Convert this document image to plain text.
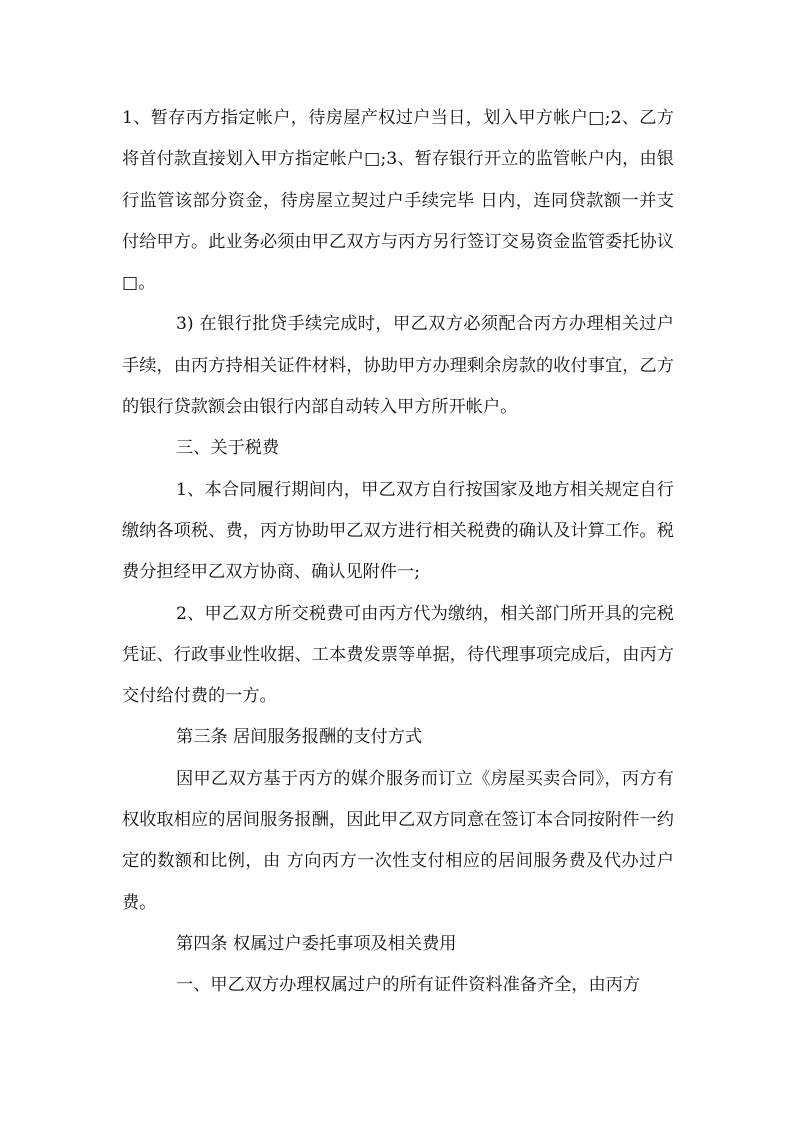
1、暂存丙方指定帐户，待房屋产权过户当日，划入甲方帐户□;2、乙方将首付款直接划入甲方指定帐户□;3、暂存银行开立的监管帐户内，由银行监管该部分资金，待房屋立契过户手续完毕 日内，连同贷款额一并支付给甲方。此业务必须由甲乙双方与丙方另行签订交易资金监管委托协议□。

3) 在银行批贷手续完成时，甲乙双方必须配合丙方办理相关过户手续，由丙方持相关证件材料，协助甲方办理剩余房款的收付事宜，乙方的银行贷款额会由银行内部自动转入甲方所开帐户。

三、关于税费

1、本合同履行期间内，甲乙双方自行按国家及地方相关规定自行缴纳各项税、费，丙方协助甲乙双方进行相关税费的确认及计算工作。税费分担经甲乙双方协商、确认见附件一;

2、甲乙双方所交税费可由丙方代为缴纳，相关部门所开具的完税凭证、行政事业性收据、工本费发票等单据，待代理事项完成后，由丙方交付给付费的一方。

第三条 居间服务报酬的支付方式

因甲乙双方基于丙方的媒介服务而订立《房屋买卖合同》，丙方有权收取相应的居间服务报酬，因此甲乙双方同意在签订本合同按附件一约定的数额和比例，由 方向丙方一次性支付相应的居间服务费及代办过户费。

第四条 权属过户委托事项及相关费用

一、甲乙双方办理权属过户的所有证件资料准备齐全，由丙方
